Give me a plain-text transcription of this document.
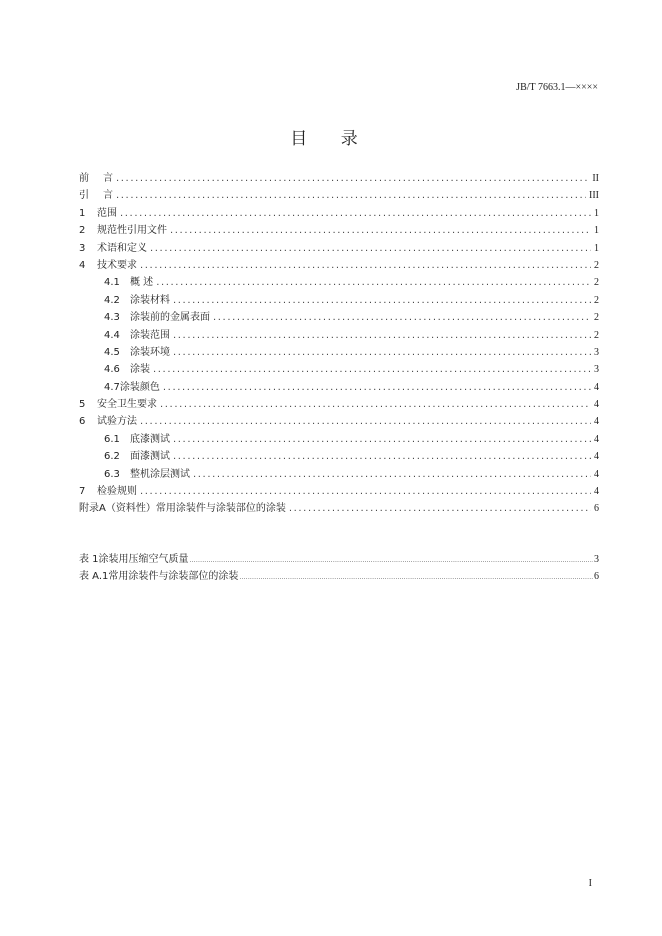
JB/T 7663.1—××××
目 录
前	言 .....	II
引	言 .....	III
1	范围 .....	1
2	规范性引用文件 .....	1
3	术语和定义 .....	1
4	技术要求 .....	2
4.1	概 述 .....	2
4.2	涂装材料 .....	2
4.3	涂装前的金属表面 .....	2
4.4	涂装范围 .....	2
4.5	涂装环境 .....	3
4.6	涂装 .....	3
4.7 涂装颜色 .....	4
5	安全卫生要求 .....	4
6	试验方法 .....	4
6.1	底漆测试 .....	4
6.2	面漆测试 .....	4
6.3	整机涂层测试 .....	4
7	检验规则 .....	4
附录A（资料性） 常用涂装件与涂装部位的涂装 .....	6
表 1 涂装用压缩空气质量 .....	3
表 A.1 常用涂装件与涂装部位的涂装 .....	6
I
